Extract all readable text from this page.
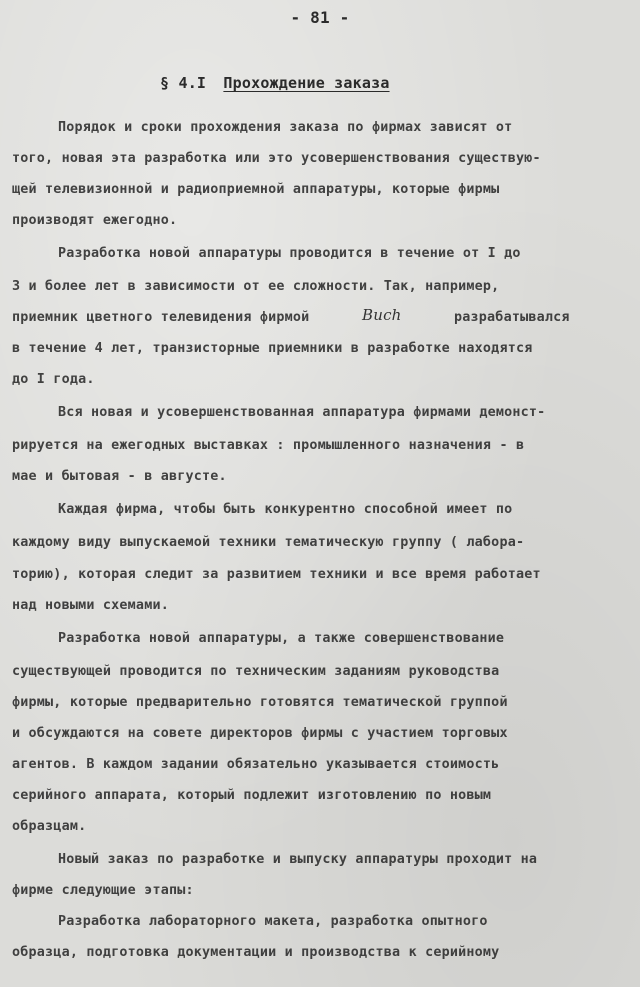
- 81 -
§ 4.I Прохождение заказа
Порядок и сроки прохождения заказа по фирмах зависят от
того, новая эта разработка или это усовершенствования существую-
щей телевизионной и радиоприемной аппаратуры, которые фирмы
производят ежегодно.
Разработка новой аппаратуры проводится в течение от I до
3 и более лет в зависимости от ее сложности. Так, например,
приемник цветного телевидения фирмой	Buch	разрабатывался
в течение 4 лет, транзисторные приемники в разработке находятся
до I года.
Вся новая и усовершенствованная аппаратура фирмами демонст-
рируется на ежегодных выставках : промышленного назначения - в
мае и бытовая - в августе.
Каждая фирма, чтобы быть конкурентно способной имеет по
каждому виду выпускаемой техники тематическую группу ( лабора-
торию), которая следит за развитием техники и все время работает
над новыми схемами.
Разработка новой аппаратуры, а также совершенствование
существующей проводится по техническим заданиям руководства
фирмы, которые предварительно готовятся тематической группой
и обсуждаются на совете директоров фирмы с участием торговых
агентов. В каждом задании обязательно указывается стоимость
серийного аппарата, который подлежит изготовлению по новым
образцам.
Новый заказ по разработке и выпуску аппаратуры проходит на
фирме следующие этапы:
Разработка лабораторного макета, разработка опытного
образца, подготовка документации и производства к серийному
